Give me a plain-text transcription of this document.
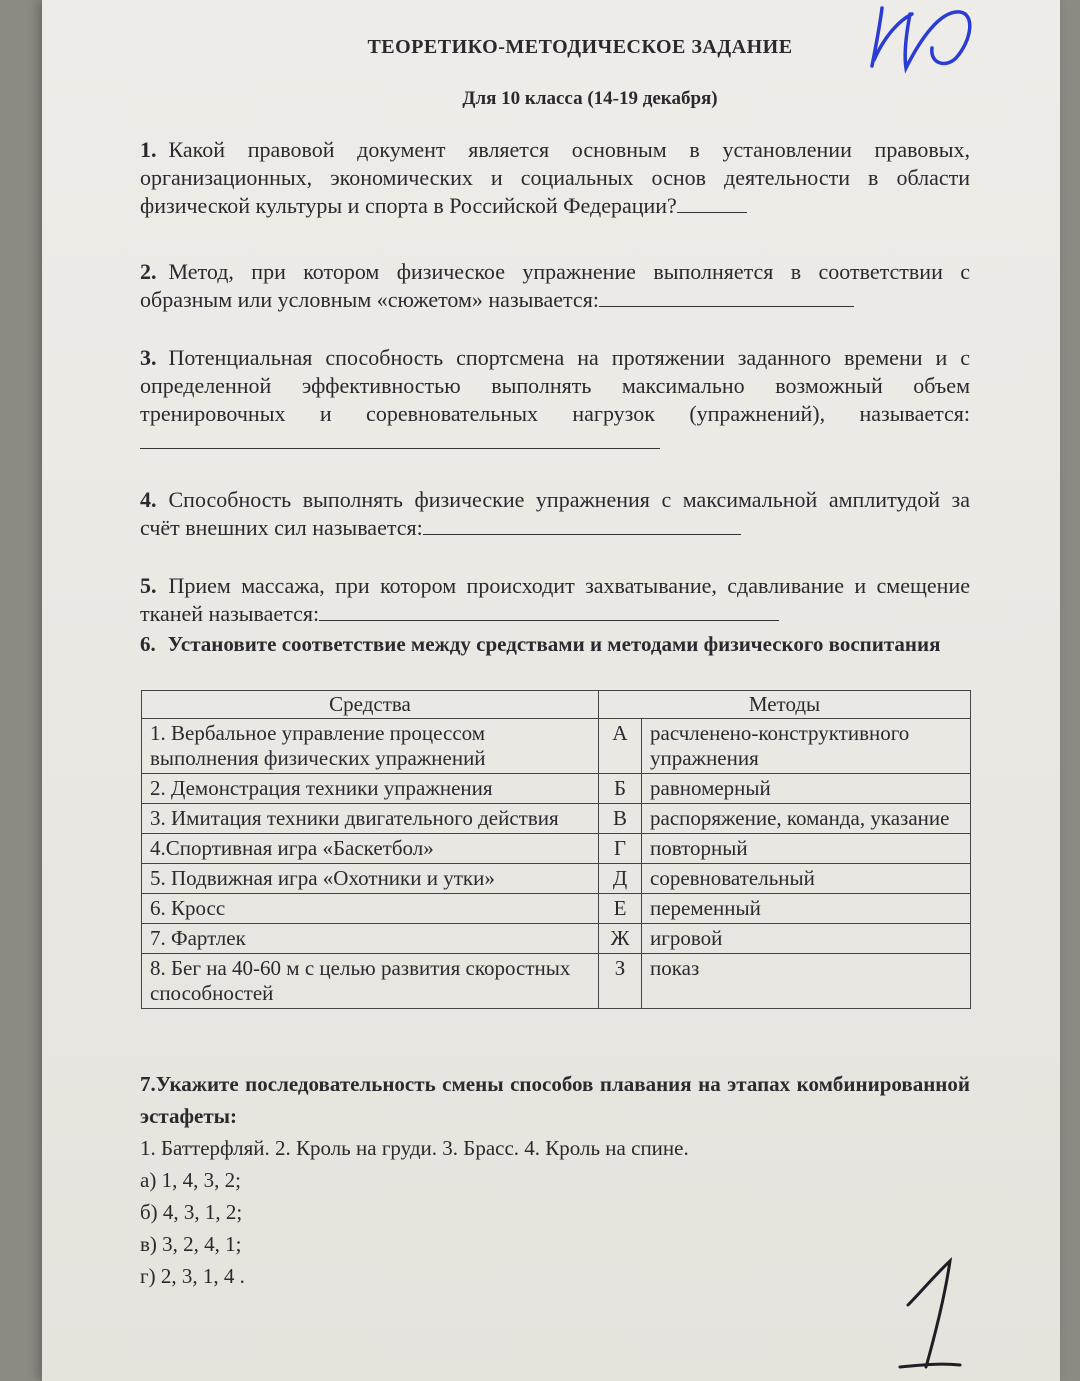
ТЕОРЕТИКО-МЕТОДИЧЕСКОЕ ЗАДАНИЕ
Для 10 класса (14-19 декабря)
1. Какой правовой документ является основным в установлении правовых, организационных, экономических и социальных основ деятельности в области физической культуры и спорта в Российской Федерации?
2. Метод, при котором физическое упражнение выполняется в соответствии с образным или условным «сюжетом» называется:
3. Потенциальная способность спортсмена на протяжении заданного времени и с определенной эффективностью выполнять максимально возможный объем тренировочных и соревновательных нагрузок (упражнений), называется:
4. Способность выполнять физические упражнения с максимальной амплитудой за счёт внешних сил называется:
5. Прием массажа, при котором происходит захватывание, сдавливание и смещение тканей называется:
6. Установите соответствие между средствами и методами физического воспитания
Средства	Методы	
1. Вербальное управление процессом выполнения физических упражнений	А	расчленено-конструктивного упражнения
2. Демонстрация техники упражнения	Б	равномерный
3. Имитация техники двигательного действия	В	распоряжение, команда, указание
4.Спортивная игра «Баскетбол»	Г	повторный
5. Подвижная игра «Охотники и утки»	Д	соревновательный
6. Кросс	Е	переменный
7. Фартлек	Ж	игровой
8. Бег на 40-60 м с целью развития скоростных способностей	З	показ
7.Укажите последовательность смены способов плавания на этапах комбинированной эстафеты:
1. Баттерфляй. 2. Кроль на груди. 3. Брасс. 4. Кроль на спине.
а) 1, 4, 3, 2;
б) 4, 3, 1, 2;
в) 3, 2, 4, 1;
г) 2, 3, 1, 4 .
